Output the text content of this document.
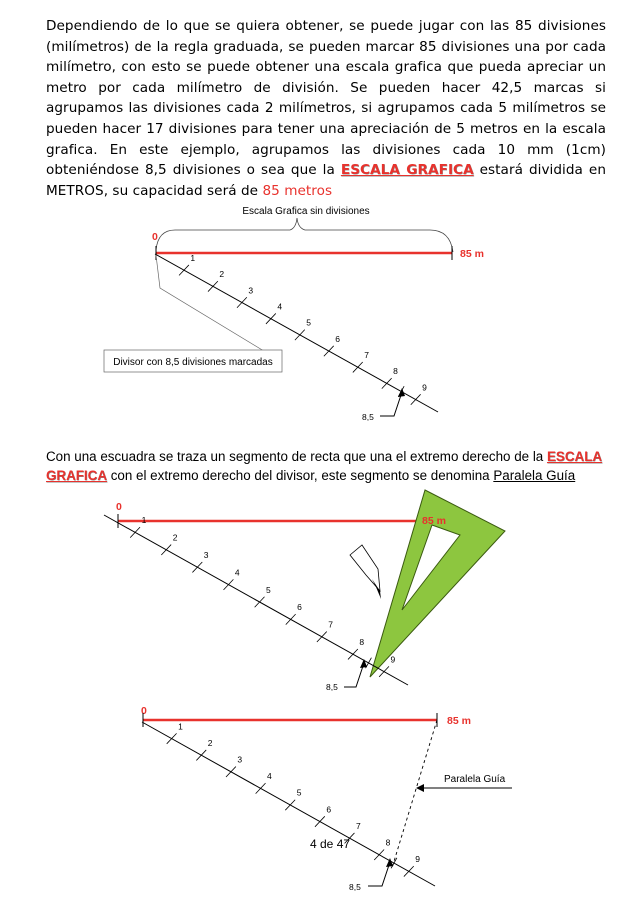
Dependiendo de lo que se quiera obtener, se puede jugar con las 85 divisiones (milímetros) de la regla graduada, se pueden marcar 85 divisiones una por cada milímetro, con esto se puede obtener una escala grafica que pueda apreciar un metro por cada milímetro de división. Se pueden hacer 42,5 marcas si agrupamos las divisiones cada 2 milímetros, si agrupamos cada 5 milímetros se pueden hacer 17 divisiones para tener una apreciación de 5 metros en la escala grafica. En este ejemplo, agrupamos las divisiones cada 10 mm (1cm) obteniéndose 8,5 divisiones o sea que la ESCALA GRAFICA estará dividida en METROS, su capacidad será de 85 metros
Escala Grafica sin divisiones
0
85 m
Divisor con 8,5 divisiones marcadas
1
2
3
4
5
6
7
8
9
8,5
Con una escuadra se traza un segmento de recta que una el extremo derecho de la ESCALA GRAFICA con el extremo derecho del divisor, este segmento se denomina Paralela Guía
0
85 m
1
2
3
4
5
6
7
8
9
8,5
0
85 m
Paralela Guía
1
2
3
4
5
6
7
8
9
8,5
4 de 47
